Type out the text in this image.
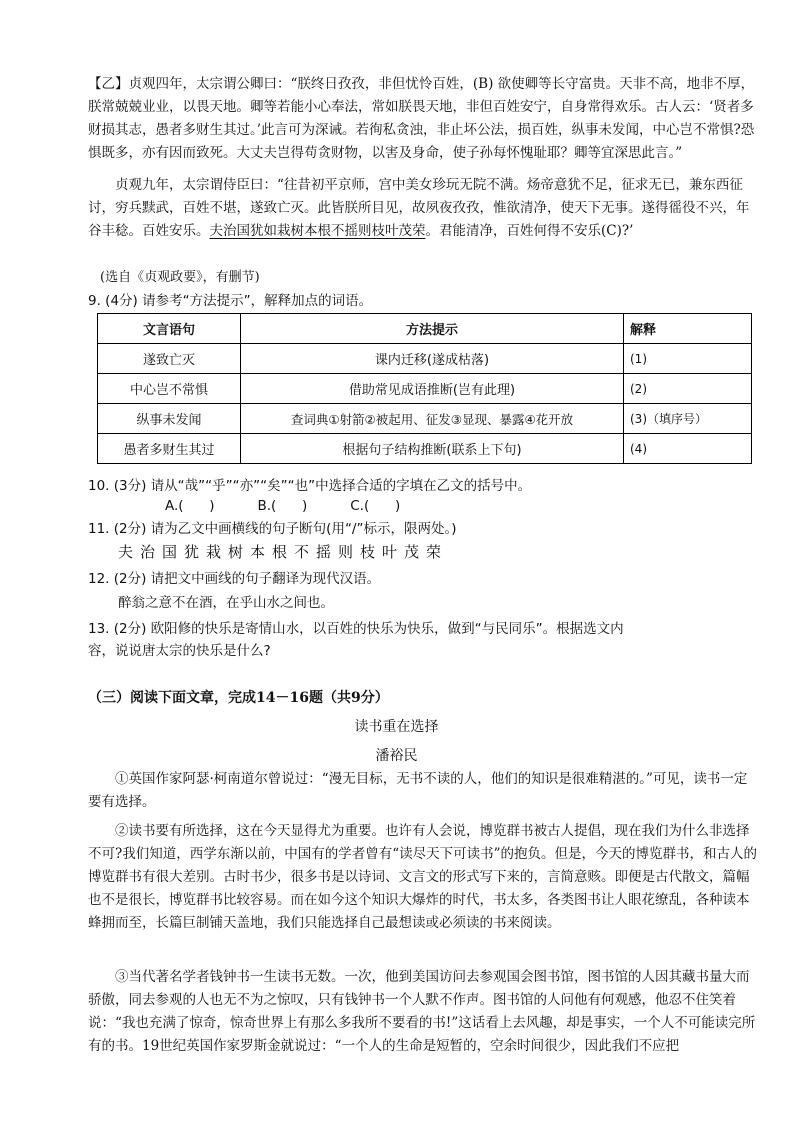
【乙】贞观四年，太宗谓公卿曰：“朕终日孜孜，非但忧怜百姓，(B) 欲使卿等长守富贵。天非不高，地非不厚，朕常兢兢业业，以畏天地。卿等若能小心奉法，常如朕畏天地，非但百姓安宁，自身常得欢乐。古人云：‘贤者多财损其志，愚者多财生其过。’此言可为深诫。若徇私贪浊，非止坏公法，损百姓，纵事未发闻，中心岂不常惧?恐惧既多，亦有因而致死。大丈夫岂得苟贪财物，以害及身命，使子孙每怀愧耻耶？卿等宜深思此言。”

贞观九年，太宗谓侍臣曰：“往昔初平京师，宫中美女珍玩无院不满。炀帝意犹不足，征求无已，兼东西征讨，穷兵黩武，百姓不堪，遂致亡灭。此皆朕所目见，故夙夜孜孜，惟欲清净，使天下无事。遂得徭役不兴，年谷丰稔。百姓安乐。夫治国犹如栽树本根不摇则枝叶茂荣。君能清净，百姓何得不安乐(C)?’

(选自《贞观政要》，有删节)

9. (4分) 请参考“方法提示”，解释加点的词语。

文言语句	方法提示	解释
遂致亡灭	课内迁移(遂成枯落)	(1)
中心岂不常惧	借助常见成语推断(岂有此理)	(2)
纵事未发闻	查词典①射箭②被起用、征发③显现、暴露④花开放	(3)（填序号）
愚者多财生其过	根据句子结构推断(联系上下句)	(4)

10. (3分) 请从“哉”“乎”“亦”“矣”“也”中选择合适的字填在乙文的括号中。

A.(      )          B.(      )          C.(      )

11. (2分) 请为乙文中画横线的句子断句(用“/”标示，限两处。)

夫治国犹栽树本根不摇则枝叶茂荣

12. (2分) 请把文中画线的句子翻译为现代汉语。

醉翁之意不在酒，在乎山水之间也。

13. (2分) 欧阳修的快乐是寄情山水，以百姓的快乐为快乐，做到“与民同乐”。根据选文内

容，说说唐太宗的快乐是什么?

（三）阅读下面文章，完成14－16题（共9分）
读书重在选择
潘裕民

①英国作家阿瑟·柯南道尔曾说过：“漫无目标，无书不读的人，他们的知识是很难精湛的。”可见，读书一定要有选择。

②读书要有所选择，这在今天显得尤为重要。也许有人会说，博览群书被古人提倡，现在我们为什么非选择不可?我们知道，西学东渐以前，中国有的学者曾有“读尽天下可读书”的抱负。但是，今天的博览群书，和古人的博览群书有很大差别。古时书少，很多书是以诗词、文言文的形式写下来的，言简意赅。即便是古代散文，篇幅也不是很长，博览群书比较容易。而在如今这个知识大爆炸的时代，书太多，各类图书让人眼花缭乱，各种读本蜂拥而至，长篇巨制铺天盖地，我们只能选择自己最想读或必须读的书来阅读。

③当代著名学者钱钟书一生读书无数。一次，他到美国访问去参观国会图书馆，图书馆的人因其藏书量大而骄傲，同去参观的人也无不为之惊叹，只有钱钟书一个人默不作声。图书馆的人问他有何观感，他忍不住笑着说：“我也充满了惊奇，惊奇世界上有那么多我所不要看的书!”这话看上去风趣，却是事实，一个人不可能读完所有的书。19世纪英国作家罗斯金就说过：“一个人的生命是短暂的，空余时间很少，因此我们不应把
